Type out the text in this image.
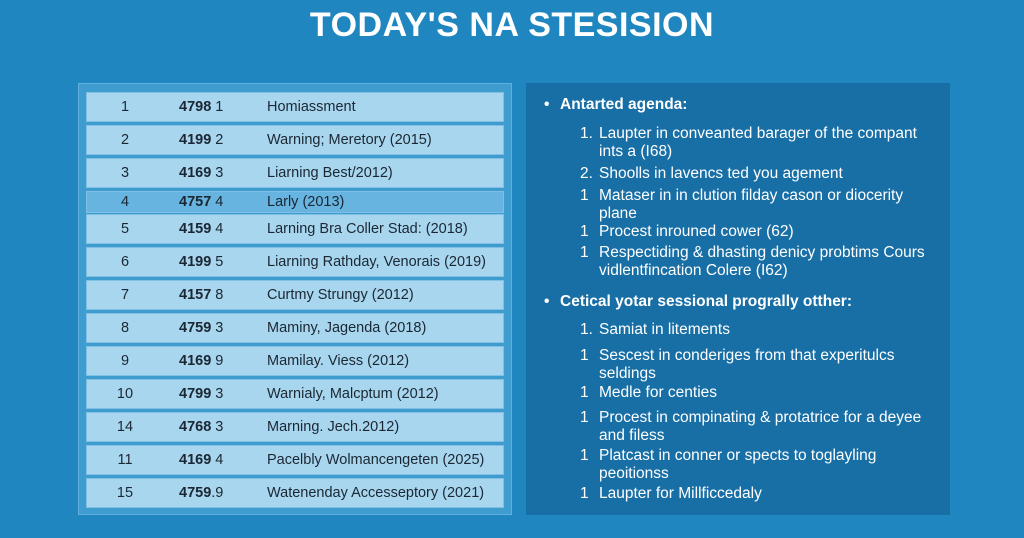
TODAY'S NA STESISION
1	4798 1	Homiassment
2	4199 2	Warning; Meretory (2015)
3	4169 3	Liarning Best/2012)
4	4757 4	Larly (2013)
5	4159 4	Larning Bra Coller Stad: (2018)
6	4199 5	Liarning Rathday, Venorais (2019)
7	4157 8	Curtmy Strungy (2012)
8	4759 3	Maminy, Jagenda (2018)
9	4169 9	Mamilay. Viess (2012)
10	4799 3	Warnialy, Malcptum (2012)
14	4768 3	Marning. Jech.2012)
11	4169 4	Pacelbly Wolmancengeten (2025)
15	4759.9	Watenenday Accesseptory (2021)
• Antarted agenda:
1. Laupter in conveanted barager of the compant ints a (I68)
2. Shoolls in lavencs ted you agement
1 Mataser in in clution filday cason or diocerity plane
1 Procest inrouned cower (62)
1 Respectiding & dhasting denicy probtims Cours vidlentfincation Colere (I62)
• Cetical yotar sessional progrally otther:
1. Samiat in litements
1 Sescest in conderiges from that experitulcs seldings
1 Medle for centies
1 Procest in compinating & protatrice for a deyee and filess
1 Platcast in conner or spects to toglayling peoitionss
1 Laupter for Millficcedaly
